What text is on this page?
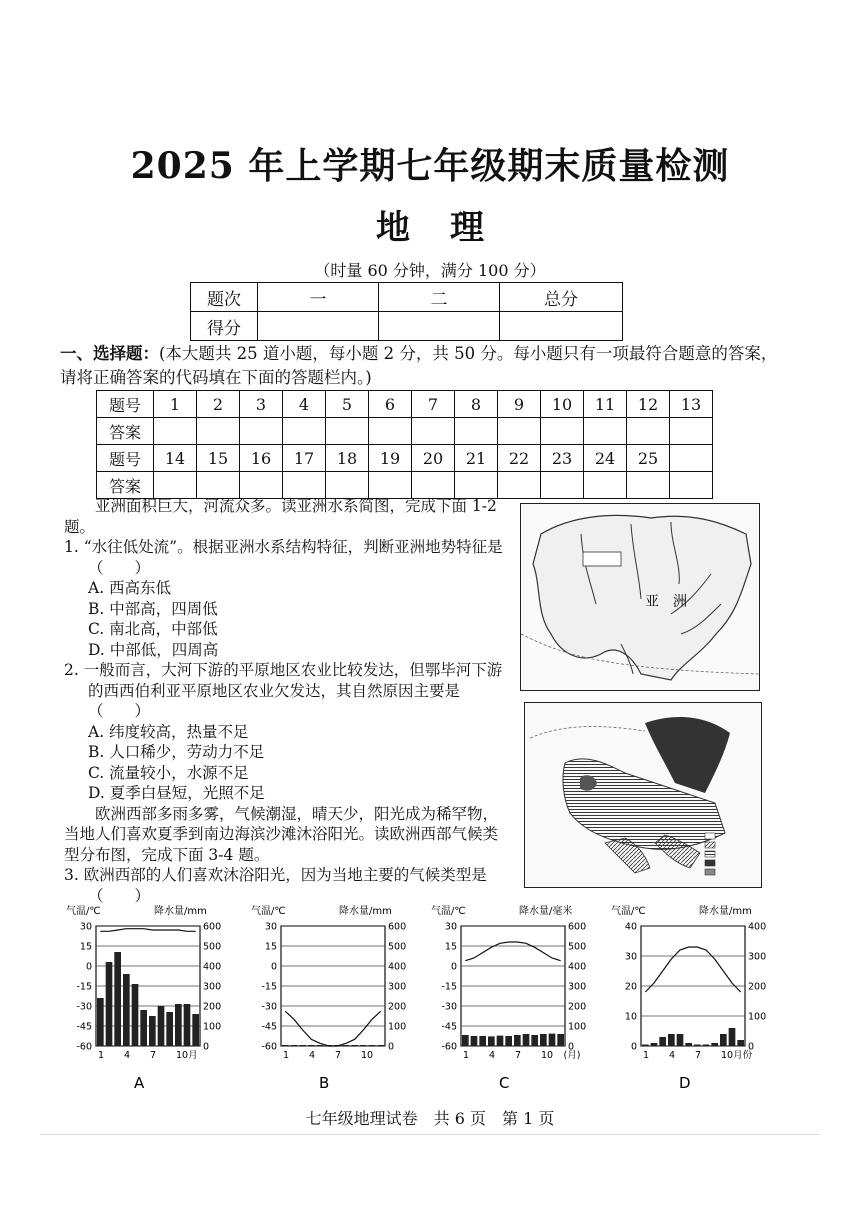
2025 年上学期七年级期末质量检测
地理
（时量 60 分钟，满分 100 分）
题次	一	二	总分
得分			
一、选择题：(本大题共 25 道小题，每小题 2 分，共 50 分。每小题只有一项最符合题意的答案，请将正确答案的代码填在下面的答题栏内。)
题号	1	2	3	4	5	6	7	8	9	10	11	12	13
答案													
题号	14	15	16	17	18	19	20	21	22	23	24	25	
答案													

亚洲面积巨大，河流众多。读亚洲水系简图，完成下面 1-2 题。

1. “水往低处流”。根据亚洲水系结构特征，判断亚洲地势特征是（　　）

A. 西高东低

B. 中部高，四周低

C. 南北高，中部低

D. 中部低，四周高

2. 一般而言，大河下游的平原地区农业比较发达，但鄂毕河下游的西西伯利亚平原地区农业欠发达，其自然原因主要是（　　）

A. 纬度较高，热量不足

B. 人口稀少，劳动力不足

C. 流量较小，水源不足

D. 夏季白昼短，光照不足

欧洲西部多雨多雾，气候潮湿，晴天少，阳光成为稀罕物，当地人们喜欢夏季到南边海滨沙滩沐浴阳光。读欧洲西部气候类型分布图，完成下面 3-4 题。

3. 欧洲西部的人们喜欢沐浴阳光，因为当地主要的气候类型是（　　）

亚　洲
气温/℃	降水量/mm
30	600
15	500
0	400
-15	300
-30	200
-45	100
-60	0
1 4 7 10月
A
气温/℃	降水量/mm
30	600
15	500
0	400
-15	300
-30	200
-45	100
-60	0
1 4 7 10
B
气温/℃	降水量/毫米
30	600
15	500
0	400
-15	300
-30	200
-45	100
-60	0
1 4 7 10 (月)
C
气温/℃	降水量/mm
40	400
30	300
20	200
10	100
0	0
1 4 7 10月份
D
七年级地理试卷　共 6 页　第 1 页
